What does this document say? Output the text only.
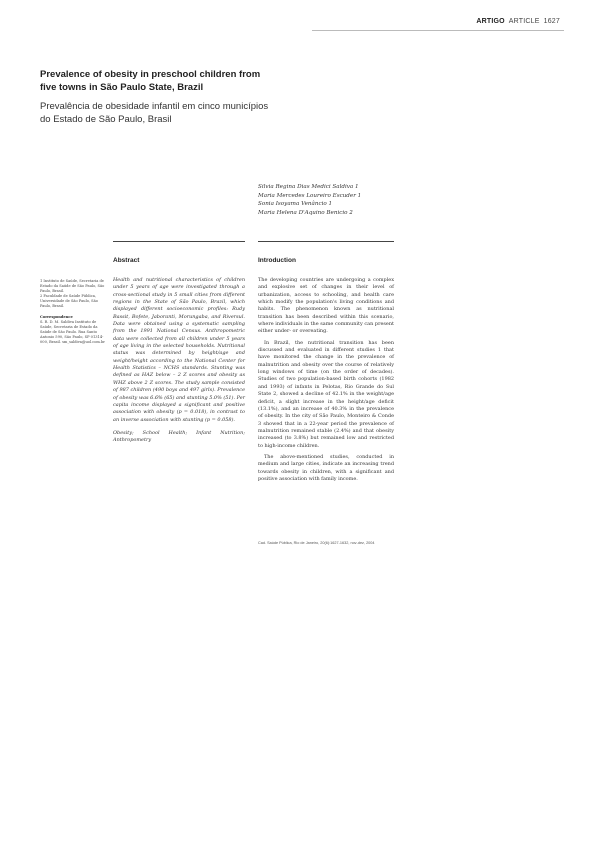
ARTIGO ARTICLE 1627
Prevalence of obesity in preschool children from five towns in São Paulo State, Brazil
Prevalência de obesidade infantil em cinco municípios do Estado de São Paulo, Brasil
Silvia Regina Dias Medici Saldiva 1
Maria Mercedes Loureiro Escuder 1
Sonia Isoyama Venâncio 1
Maria Helena D'Aquino Benicio 2
Abstract	Introduction
1 Instituto de Saúde, Secretaria de Estado da Saúde de São Paulo, São Paulo, Brasil.
2 Faculdade de Saúde Pública, Universidade de São Paulo, São Paulo, Brasil.
Correspondence
S. R. D. M. Saldiva Instituto de Saúde, Secretaria de Estado da Saúde de São Paulo. Rua Santo Antonio 590, São Paulo, SP 01314-000, Brasil. sm_saldiva@uol.com.br
Health and nutritional characteristics of children under 5 years of age were investigated through a cross-sectional study in 5 small cities from different regions in the State of São Paulo, Brazil, which displayed different socioeconomic profiles: Rudy Bassit, Bofete, Jaboranti, Morungaba, and Riversul. Data were obtained using a systematic sampling from the 1991 National Census. Anthropometric data were collected from all children under 5 years of age living in the selected households. Nutritional status was determined by height/age and weight/height according to the National Center for Health Statistics – NCHS standards. Stunting was defined as HAZ below – 2 Z scores and obesity as WHZ above 2 Z scores. The study sample consisted of 987 children (490 boys and 497 girls). Prevalence of obesity was 6.6% (65) and stunting 5.0% (51). Per capita income displayed a significant and positive association with obesity (p = 0.018), in contrast to an inverse association with stunting (p = 0.058).
Obesity; School Health; Infant Nutrition; Anthropometry

The developing countries are undergoing a complex and explosive set of changes in their level of urbanization, access to schooling, and health care which modify the population's living conditions and habits. The phenomenon known as nutritional transition has been described within this scenario, where individuals in the same community can present either under- or overeating.

In Brazil, the nutritional transition has been discussed and evaluated in different studies 1 that have monitored the change in the prevalence of malnutrition and obesity over the course of relatively long windows of time (on the order of decades). Studies of two population-based birth cohorts (1982 and 1993) of infants in Pelotas, Rio Grande do Sul State 2, showed a decline of 42.1% in the weight/age deficit, a slight increase in the height/age deficit (13.1%), and an increase of 40.3% in the prevalence of obesity. In the city of São Paulo, Monteiro & Conde 3 showed that in a 22-year period the prevalence of malnutrition remained stable (2.4%) and that obesity increased (to 3.8%) but remained low and restricted to high-income children.

The above-mentioned studies, conducted in medium and large cities, indicate an increasing trend towards obesity in children, with a significant and positive association with family income.

Cad. Saúde Pública, Rio de Janeiro, 20(6):1627-1632, nov-dez, 2004
